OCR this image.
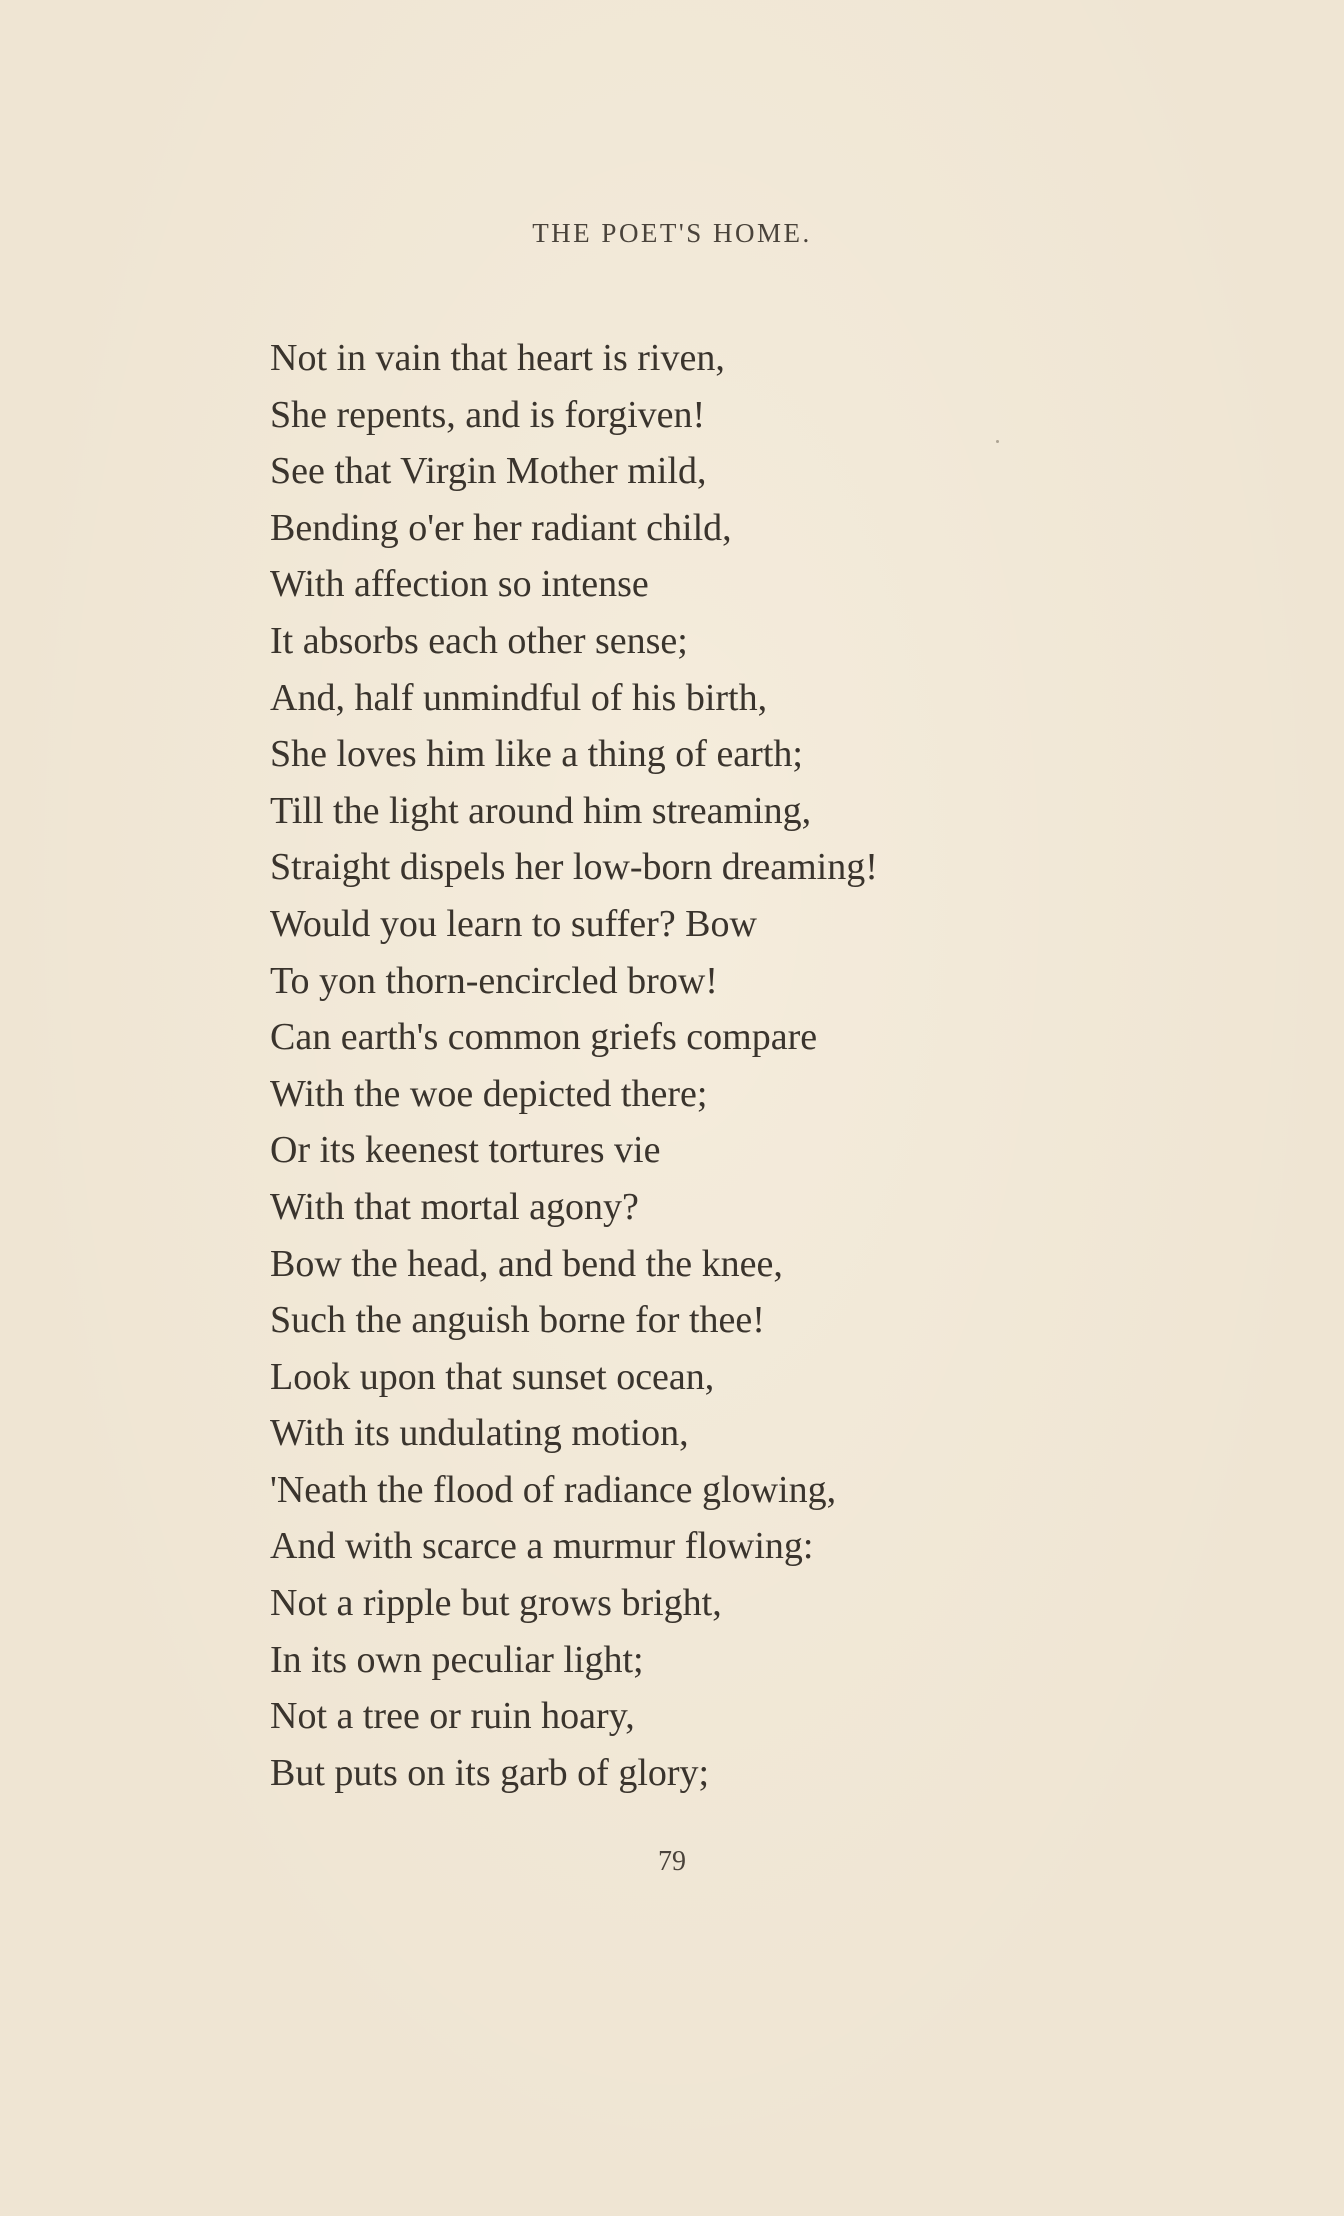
THE POET'S HOME.
Not in vain that heart is riven,
She repents, and is forgiven!
See that Virgin Mother mild,
Bending o'er her radiant child,
With affection so intense
It absorbs each other sense;
And, half unmindful of his birth,
She loves him like a thing of earth;
Till the light around him streaming,
Straight dispels her low-born dreaming!
Would you learn to suffer? Bow
To yon thorn-encircled brow!
Can earth's common griefs compare
With the woe depicted there;
Or its keenest tortures vie
With that mortal agony?
Bow the head, and bend the knee,
Such the anguish borne for thee!
Look upon that sunset ocean,
With its undulating motion,
'Neath the flood of radiance glowing,
And with scarce a murmur flowing:
Not a ripple but grows bright,
In its own peculiar light;
Not a tree or ruin hoary,
But puts on its garb of glory;
79
